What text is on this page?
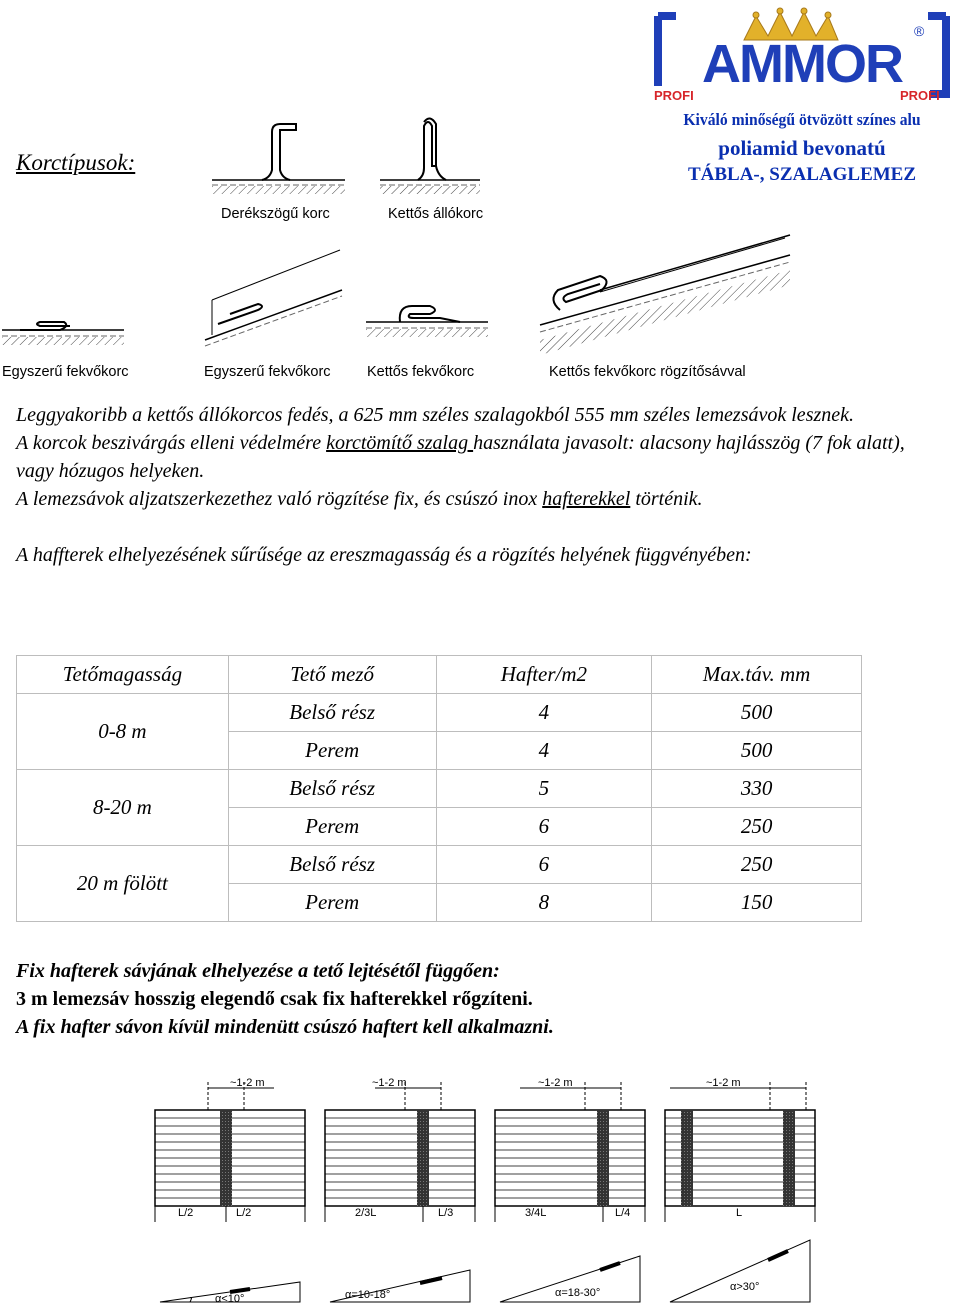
Korctípusok:
AMMOR
®
PROFI	PROFI
Kiváló minőségű ötvözött színes alu
poliamid bevonatú
TÁBLA-, SZALAGLEMEZ
Derékszögű korc	Kettős állókorc
Egyszerű fekvőkorc	Egyszerű fekvőkorc	Kettős fekvőkorc	Kettős fekvőkorc rögzítősávval

Leggyakoribb a kettős állókorcos fedés, a 625 mm széles szalagokból 555 mm széles lemezsávok lesznek.

A korcok beszivárgás elleni védelmére korctömítő szalag használata javasolt: alacsony hajlásszög (7 fok alatt), vagy hózugos helyeken.

A lemezsávok aljzatszerkezethez való rögzítése fix, és csúszó inox hafterekkel történik.

A haffterek elhelyezésének sűrűsége az ereszmagasság és a rögzítés helyének függvényében:

Tetőmagasság	Tető mező	Hafter/m2	Max.táv. mm
0-8 m	Belső rész	4	500
	Perem	4	500
8-20 m	Belső rész	5	330
	Perem	6	250
20 m fölött	Belső rész	6	250
	Perem	8	150

Fix hafterek sávjának elhelyezése a tető lejtésétől függően:

3 m lemezsáv hosszig elegendő csak fix hafterekkel rőgzíteni.

A fix hafter sávon kívül mindenütt csúszó haftert kell alkalmazni.

~1-2 m
L/2	L/2
α<10°
~1-2 m
2/3L	L/3
α=10-18°
~1-2 m
3/4L	L/4
α=18-30°
~1-2 m
L
α>30°
